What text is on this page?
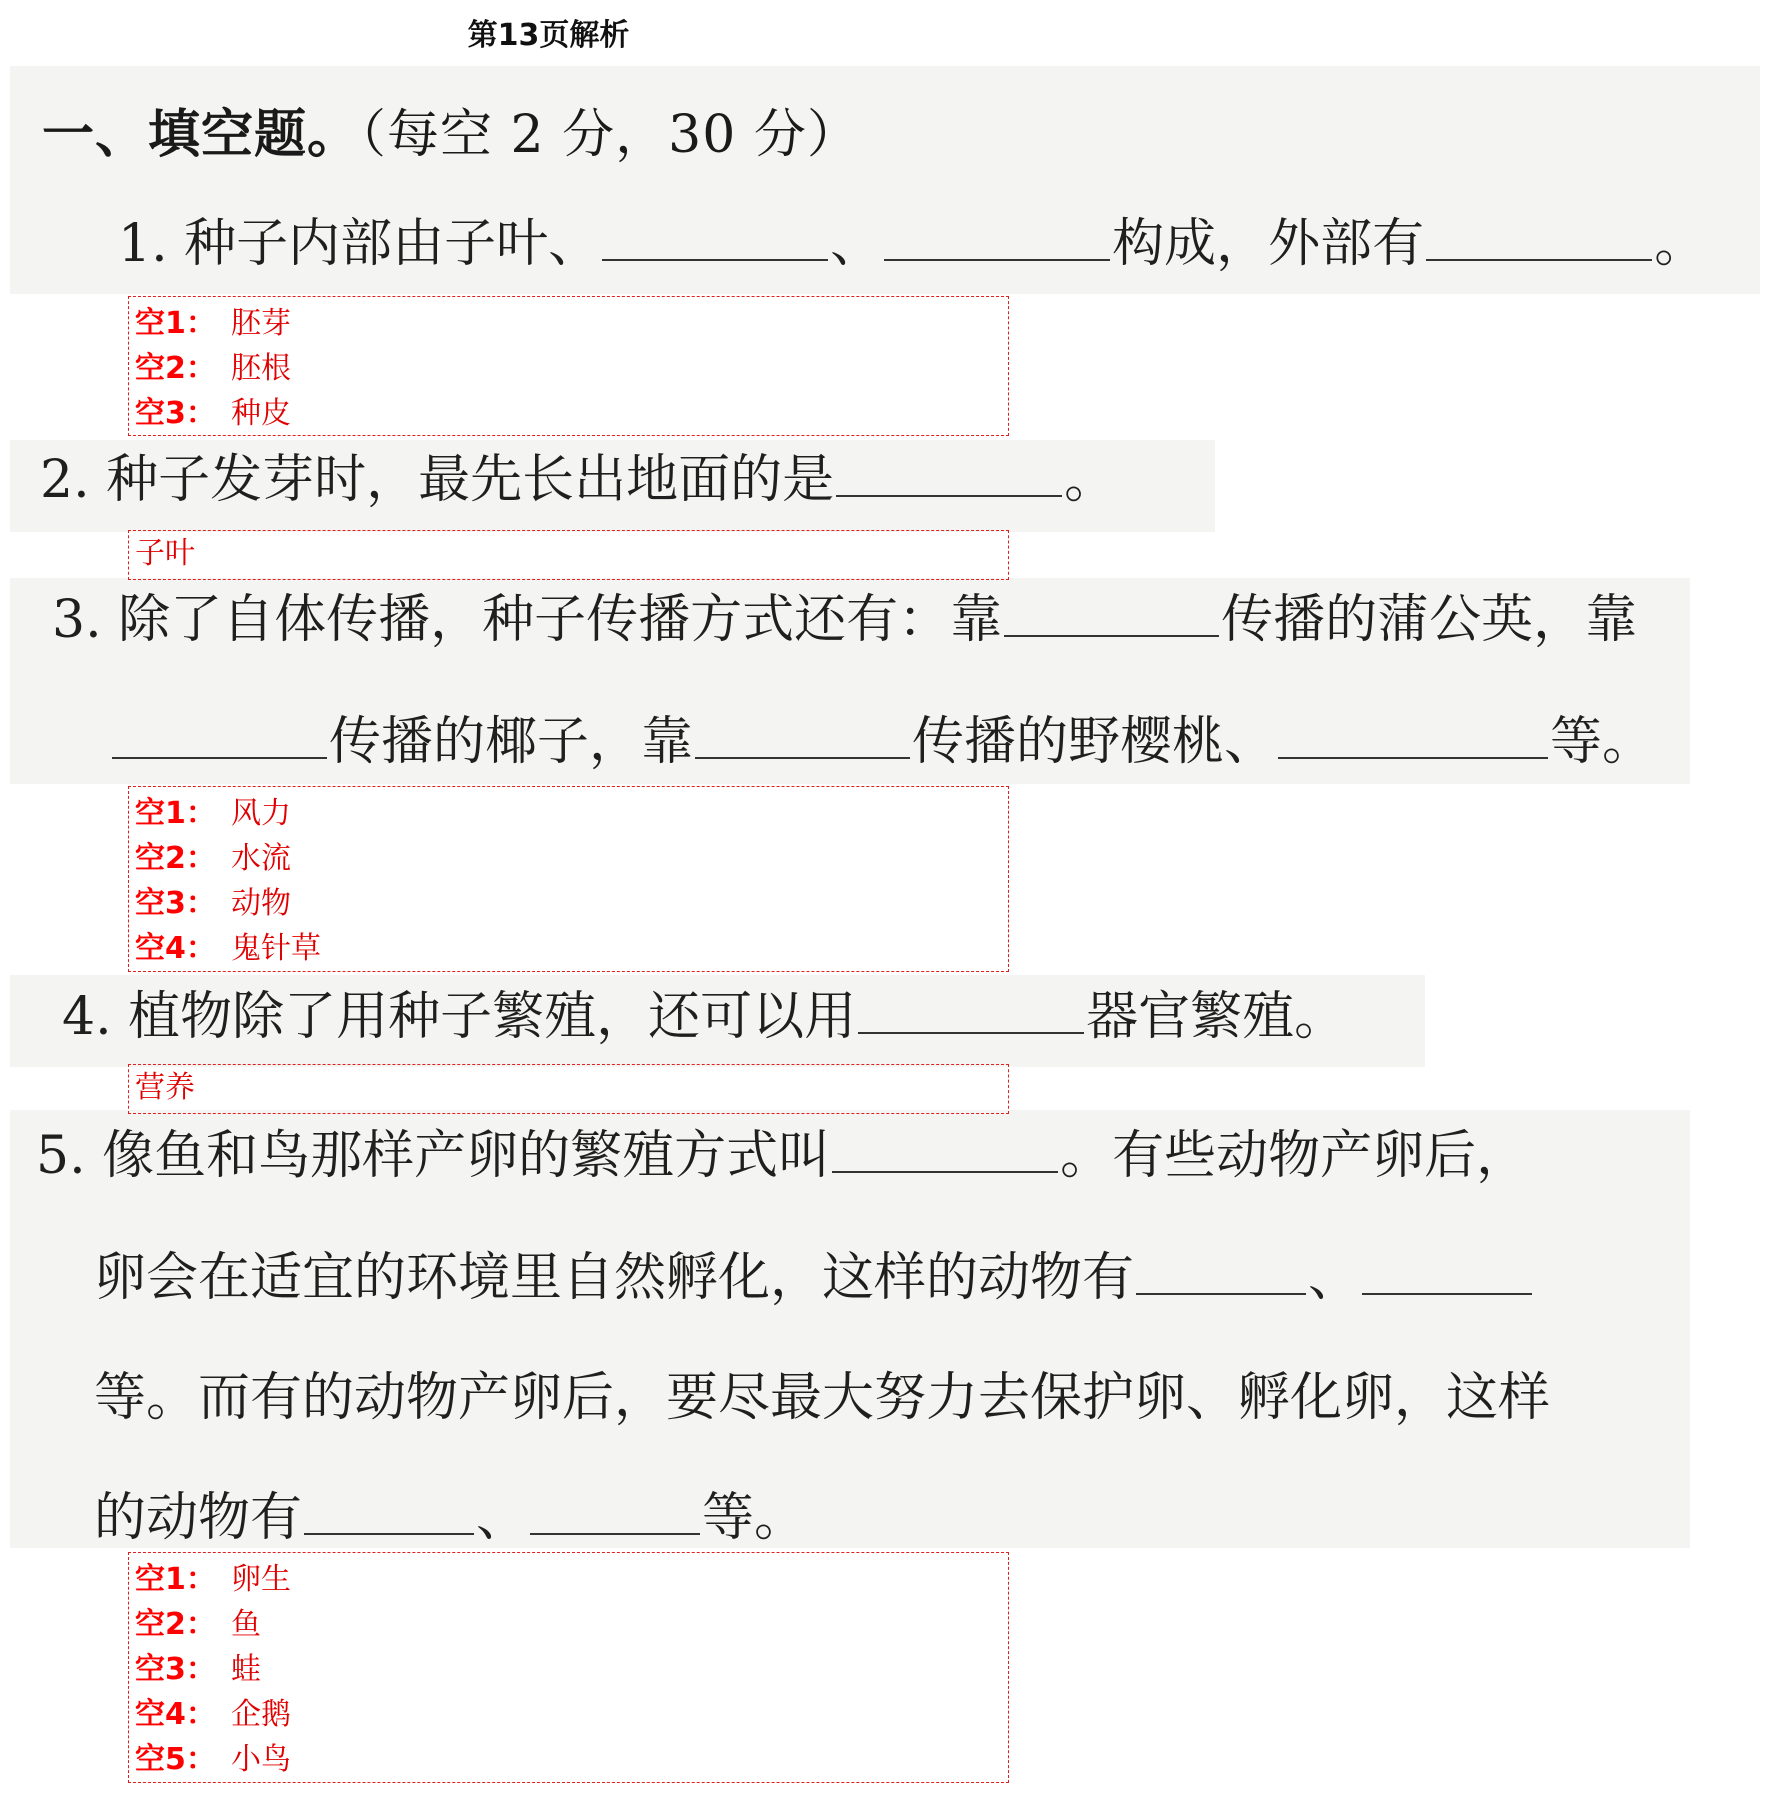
第13页解析
一、填空题。（每空 2 分，30 分）
1. 种子内部由子叶、	、	构成，外部有	。
空1： 胚芽
空2： 胚根
空3： 种皮
2. 种子发芽时，最先长出地面的是	。
子叶
3. 除了自体传播，种子传播方式还有：靠	传播的蒲公英，靠
传播的椰子，靠	传播的野樱桃、	等。
空1： 风力
空2： 水流
空3： 动物
空4： 鬼针草
4. 植物除了用种子繁殖，还可以用	器官繁殖。
营养
5. 像鱼和鸟那样产卵的繁殖方式叫	。有些动物产卵后，
卵会在适宜的环境里自然孵化，这样的动物有	、
等。而有的动物产卵后，要尽最大努力去保护卵、孵化卵，这样
的动物有	、	等。
空1： 卵生
空2： 鱼
空3： 蛙
空4： 企鹅
空5： 小鸟
